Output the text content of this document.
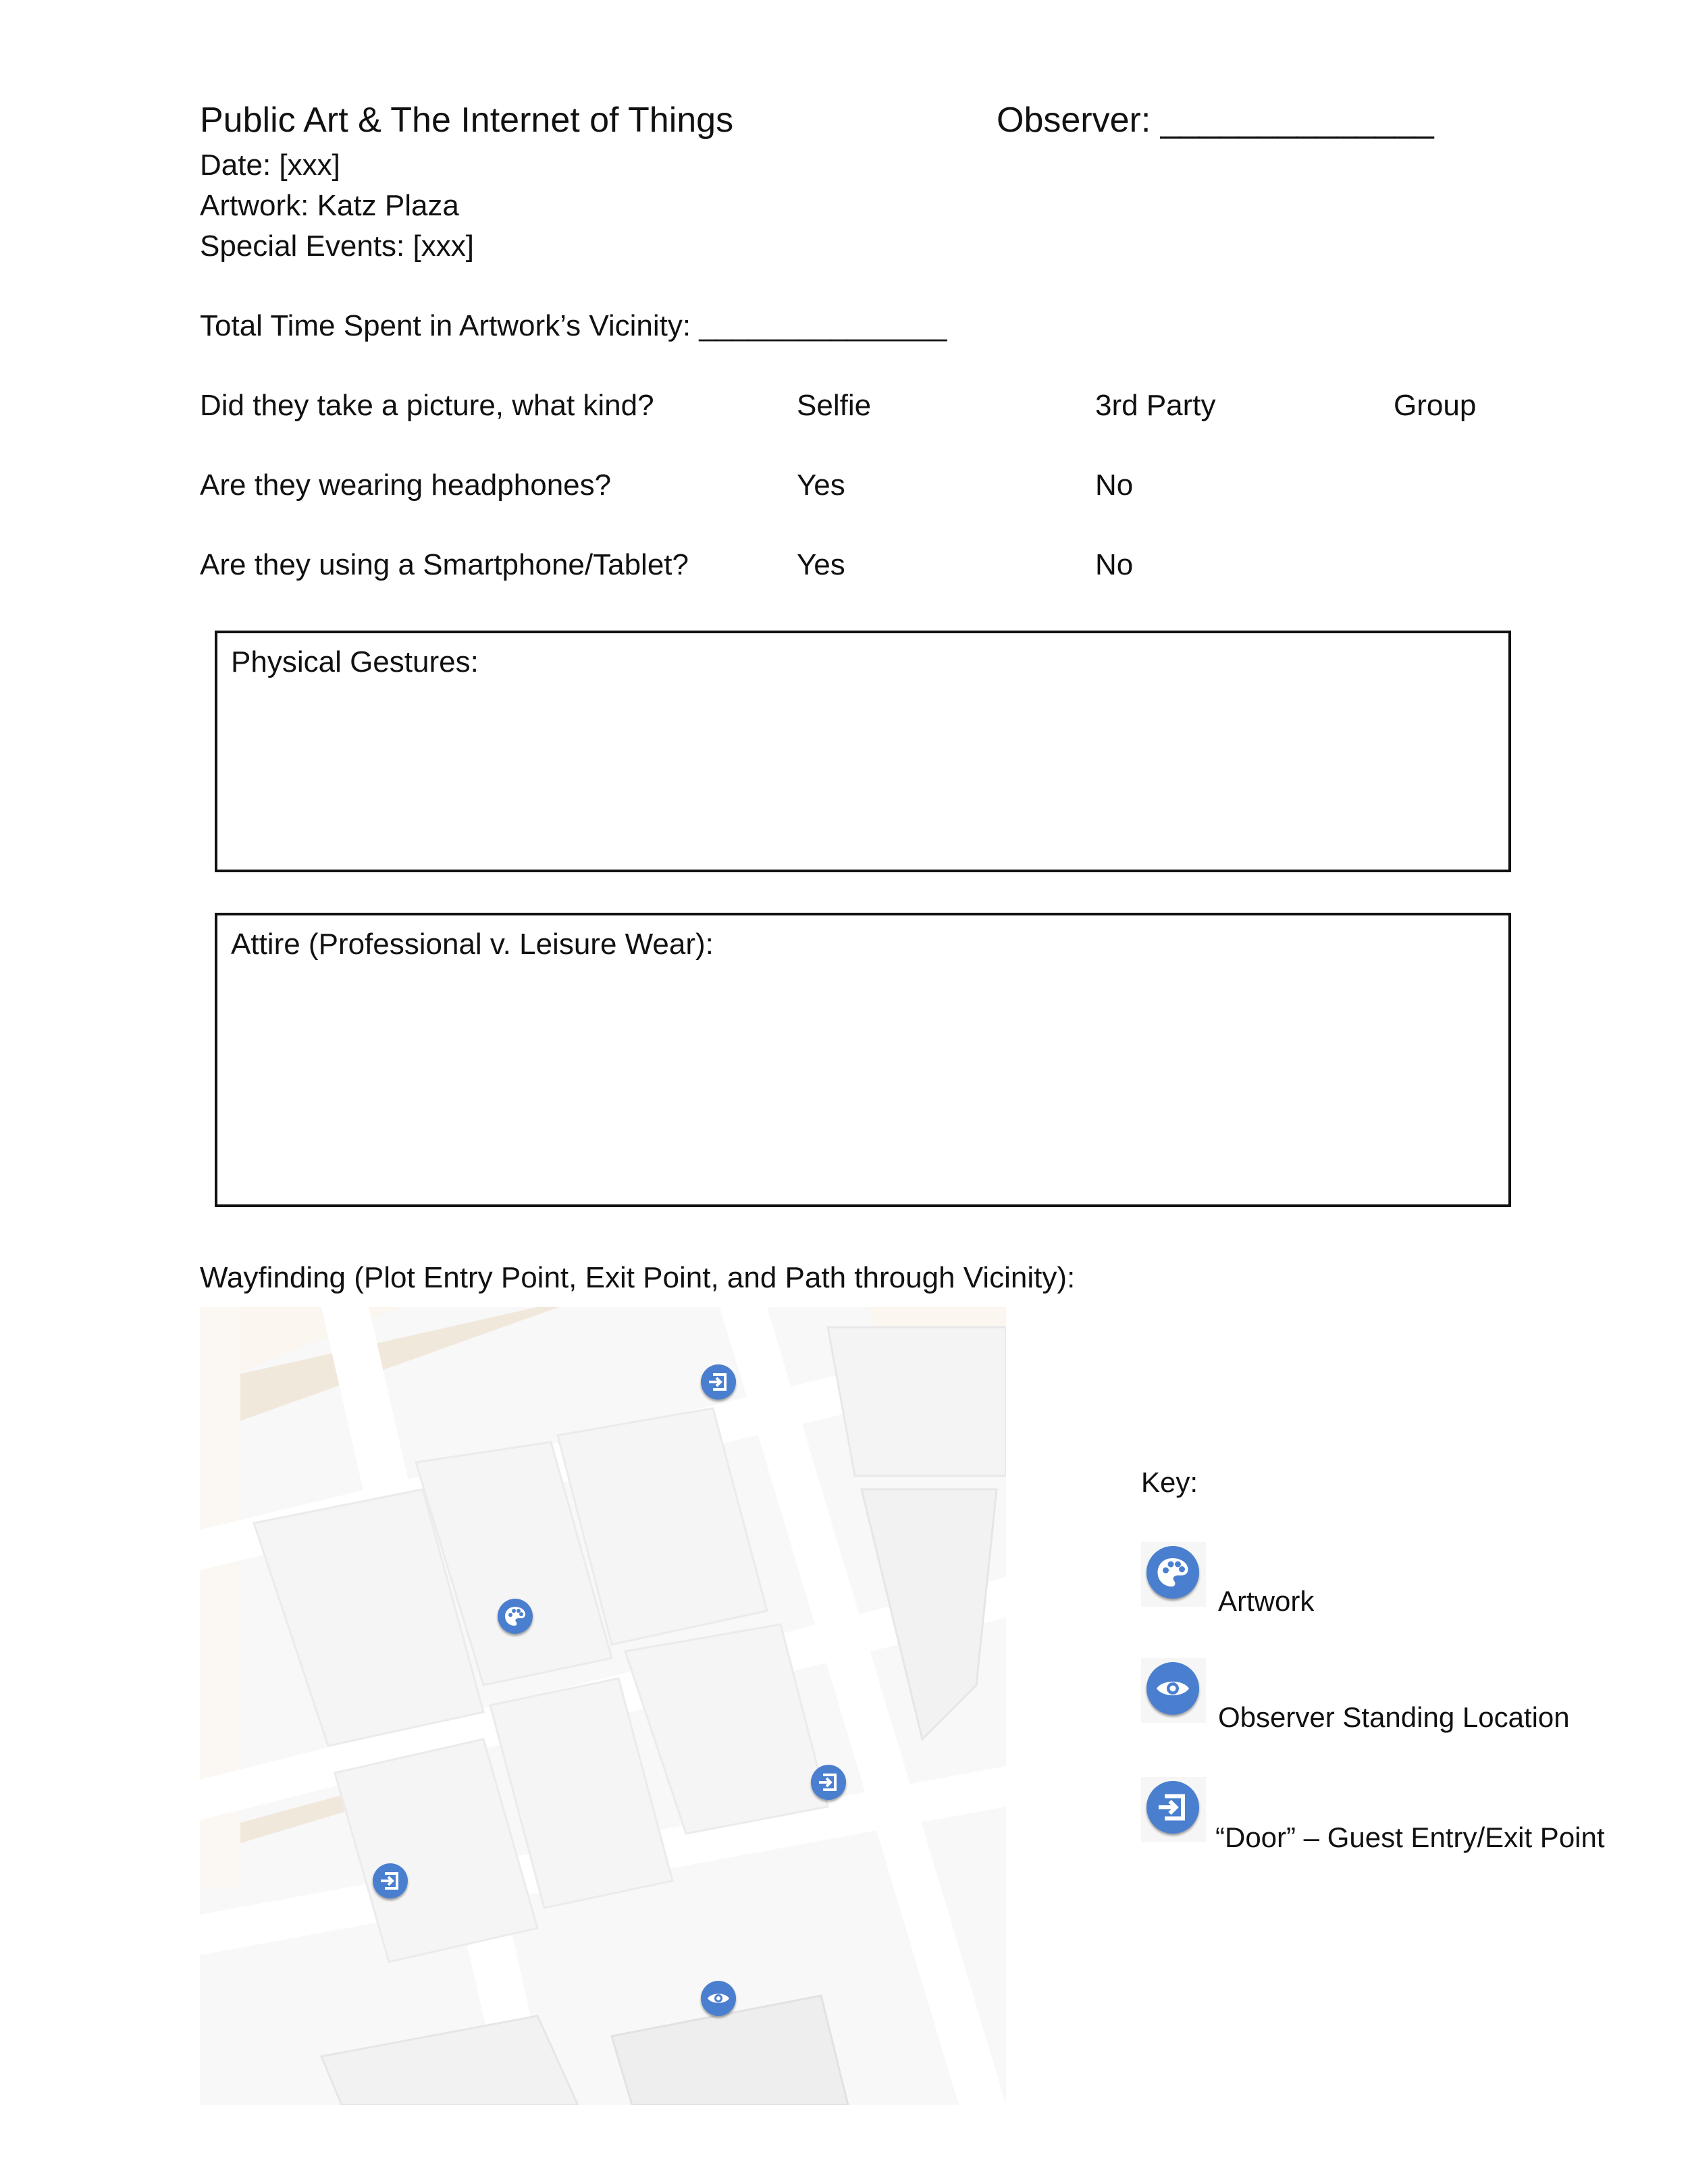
Public Art & The Internet of Things	Observer: ______________
Date: [xxx]
Artwork: Katz Plaza
Special Events: [xxx]
Total Time Spent in Artwork’s Vicinity: _______________
Did they take a picture, what kind?	Selfie	3rd Party	Group
Are they wearing headphones?	Yes	No
Are they using a Smartphone/Tablet?	Yes	No
Physical Gestures:
Attire (Professional v. Leisure Wear):
Wayfinding (Plot Entry Point, Exit Point, and Path through Vicinity):
Key:
Artwork
Observer Standing Location
“Door” – Guest Entry/Exit Point
